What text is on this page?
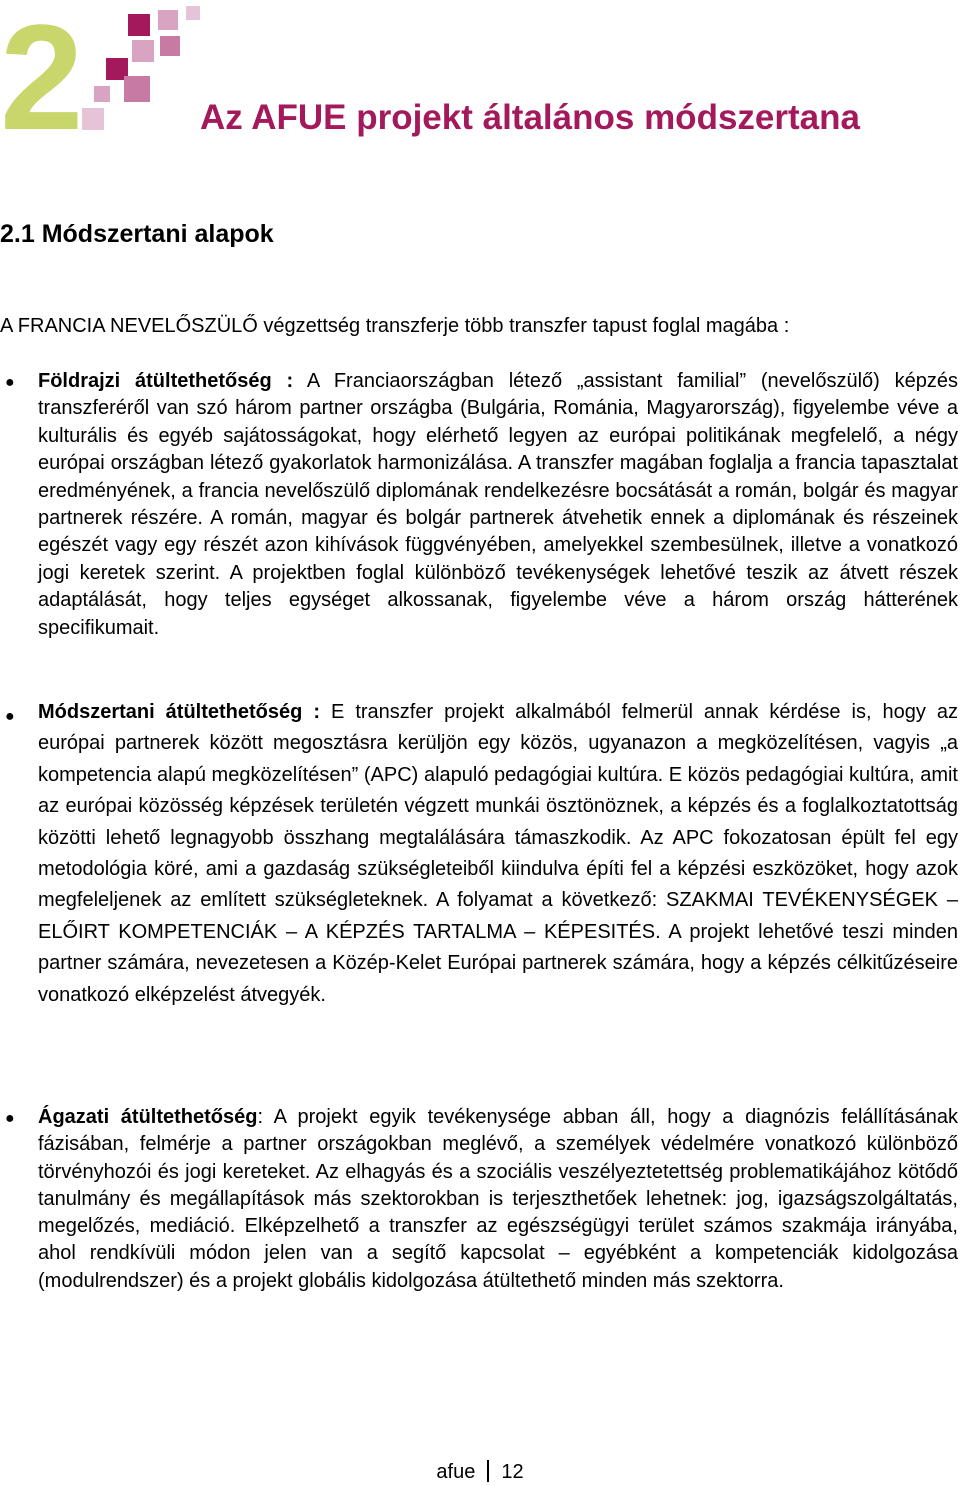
2	Az AFUE projekt általános módszertana
2.1 Módszertani alapok
A FRANCIA NEVELŐSZÜLŐ végzettség transzferje több transzfer tapust foglal magába :
● Földrajzi átültethetőség : A Franciaországban létező „assistant familial” (nevelőszülő) képzés transzferéről van szó három partner országba (Bulgária, Románia, Magyarország), figyelembe véve a kulturális és egyéb sajátosságokat, hogy elérhető legyen az európai politikának megfelelő, a négy európai országban létező gyakorlatok harmonizálása. A transzfer magában foglalja a francia tapasztalat eredményének, a francia nevelőszülő diplomának rendelkezésre bocsátását a román, bolgár és magyar partnerek részére. A román, magyar és bolgár partnerek átvehetik ennek a diplomának és részeinek egészét vagy egy részét azon kihívások függvényében, amelyekkel szembesülnek, illetve a vonatkozó jogi keretek szerint. A projektben foglal különböző tevékenységek lehetővé teszik az átvett részek adaptálását, hogy teljes egységet alkossanak, figyelembe véve a három ország hátterének specifikumait.
● Módszertani átültethetőség : E transzfer projekt alkalmából felmerül annak kérdése is, hogy az európai partnerek között megosztásra kerüljön egy közös, ugyanazon a megközelítésen, vagyis „a kompetencia alapú megközelítésen” (APC) alapuló pedagógiai kultúra. E közös pedagógiai kultúra, amit az európai közösség képzések területén végzett munkái ösztönöznek, a képzés és a foglalkoztatottság közötti lehető legnagyobb összhang megtalálására támaszkodik. Az APC fokozatosan épült fel egy metodológia köré, ami a gazdaság szükségleteiből kiindulva építi fel a képzési eszközöket, hogy azok megfeleljenek az említett szükségleteknek. A folyamat a következő: SZAKMAI TEVÉKENYSÉGEK – ELŐIRT KOMPETENCIÁK – A KÉPZÉS TARTALMA – KÉPESITÉS. A projekt lehetővé teszi minden partner számára, nevezetesen a Közép-Kelet Európai partnerek számára, hogy a képzés célkitűzéseire vonatkozó elképzelést átvegyék.
● Ágazati átültethetőség: A projekt egyik tevékenysége abban áll, hogy a diagnózis felállításának fázisában, felmérje a partner országokban meglévő, a személyek védelmére vonatkozó különböző törvényhozói és jogi kereteket. Az elhagyás és a szociális veszélyeztetettség problematikájához kötődő tanulmány és megállapítások más szektorokban is terjeszthetőek lehetnek: jog, igazságszolgáltatás, megelőzés, mediáció. Elképzelhető a transzfer az egészségügyi terület számos szakmája irányába, ahol rendkívüli módon jelen van a segítő kapcsolat – egyébként a kompetenciák kidolgozása (modulrendszer) és a projekt globális kidolgozása átültethető minden más szektorra.
afue 12
